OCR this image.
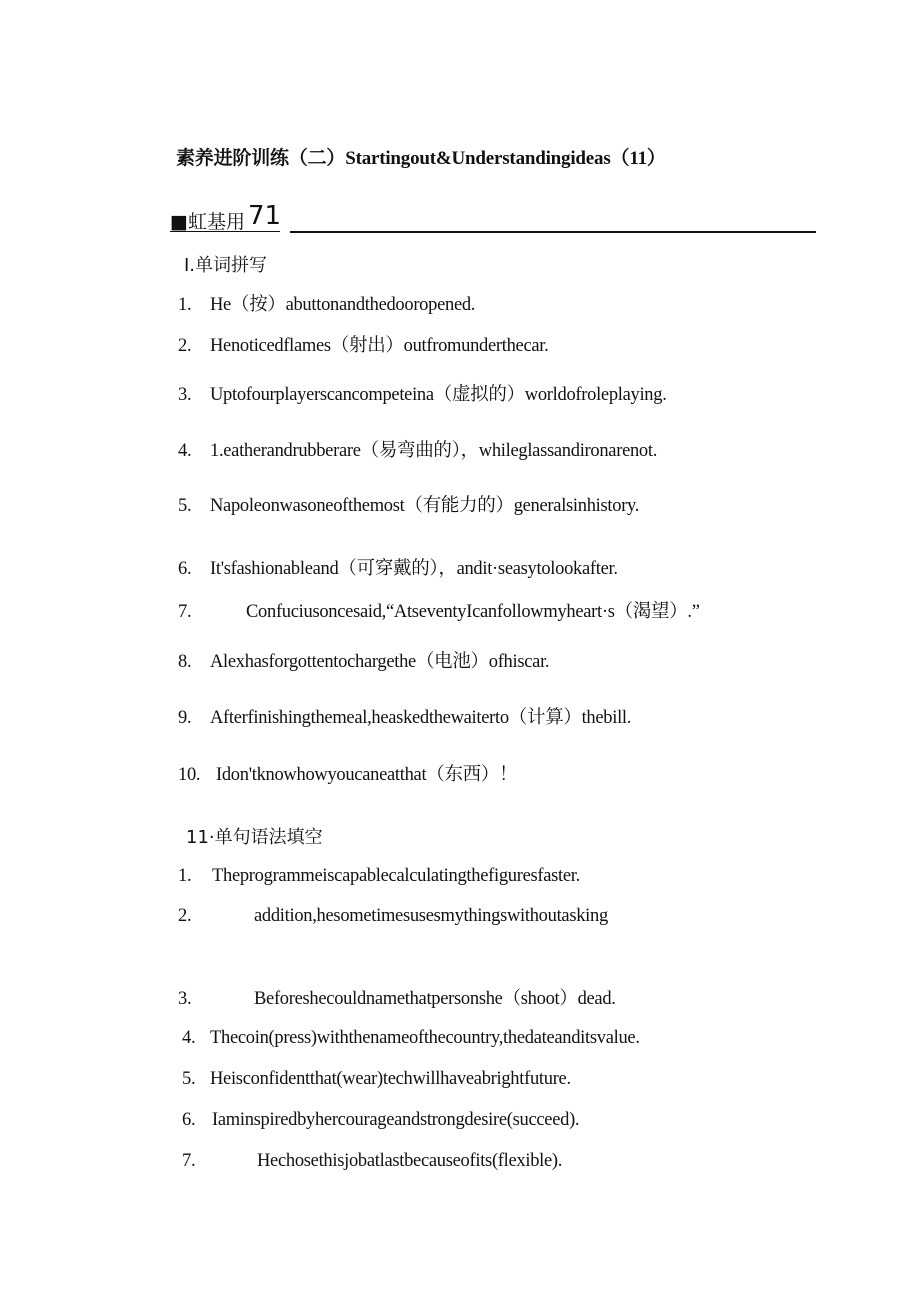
素养进阶训练（二）Startingout&Understandingideas（11）
■虹基用 71
I.单词拼写
1. He（按）abuttonandthedooropened.
2. Henoticedflames（射出）outfromunderthecar.
3. Uptofourplayerscancompeteina（虚拟的）worldofroleplaying.
4. 1.eatherandrubberare（易弯曲的），whileglassandironarenot.
5. Napoleonwasoneofthemost（有能力的）generalsinhistory.
6. It'sfashionableand（可穿戴的），andit·seasytolookafter.
7.	Confuciusoncesaid,“AtseventyIcanfollowmyheart·s（渴望）.”
8. Alexhasforgottentochargethe（电池）ofhiscar.
9. Afterfinishingthemeal,heaskedthewaiterto（计算）thebill.
10. Idon'tknowhowyoucaneatthat（东西）！
11·单句语法填空
1. Theprogrammeiscapablecalculatingthefiguresfaster.
2.	addition,hesometimesusesmythingswithoutasking
3.	Beforeshecouldnamethatpersonshe（shoot）dead.
4. Thecoin(press)withthenameofthecountry,thedateanditsvalue.
5. Heisconfidentthat(wear)techwillhaveabrightfuture.
6. Iaminspiredbyhercourageandstrongdesire(succeed).
7.	Hechosethisjobatlastbecauseofits(flexible).
